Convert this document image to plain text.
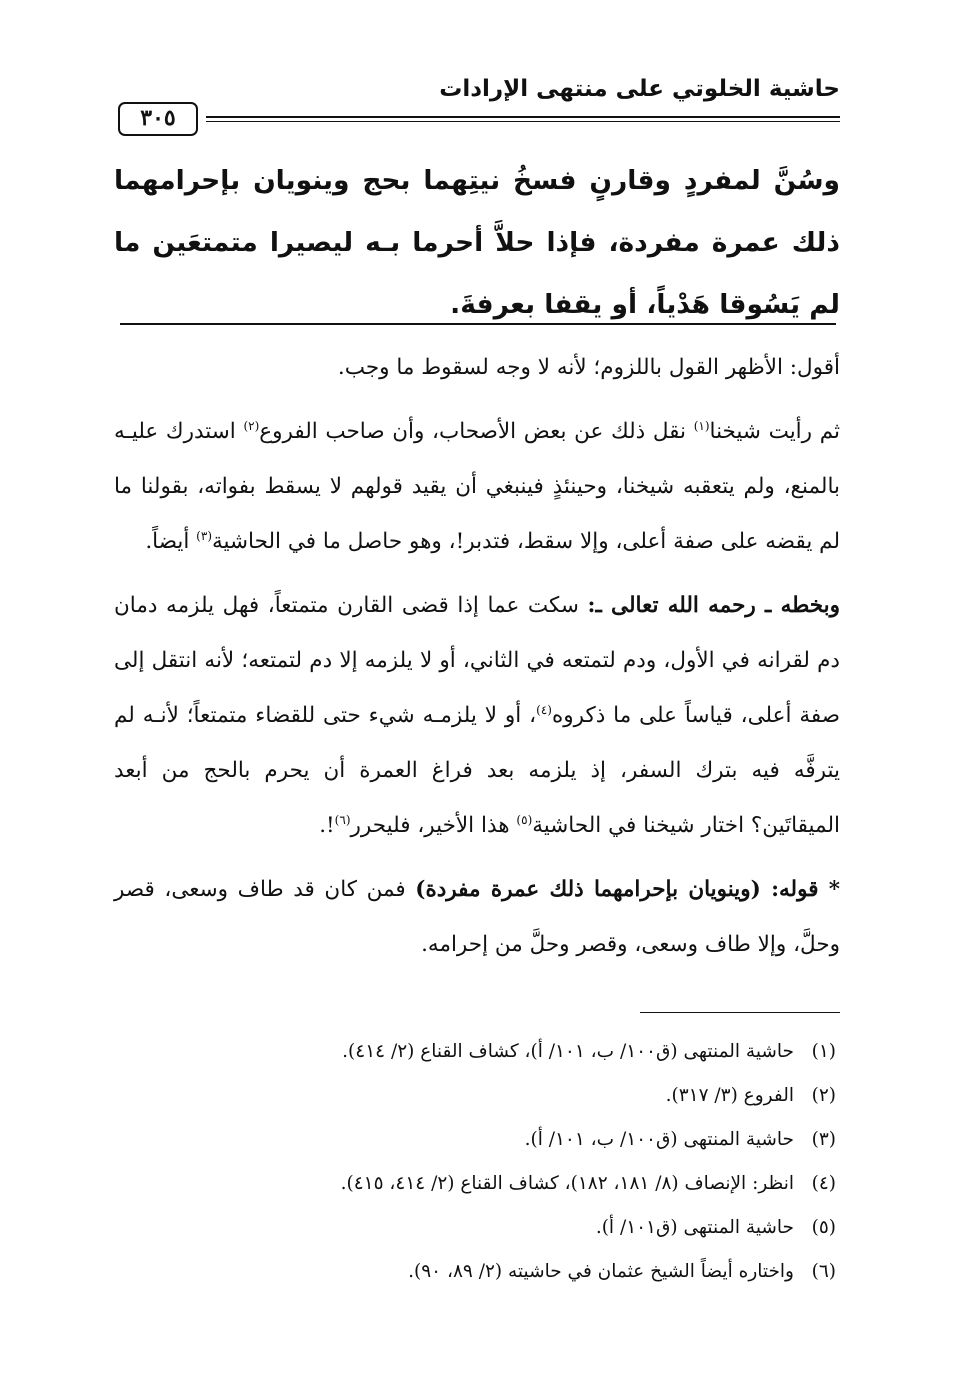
حاشية الخلوتي على منتهى الإرادات
٣٠٥
وسُنَّ لمفردٍ وقارنٍ فسخُ نيتِهما بحج وينويان بإحرامهما ذلك عمرة مفردة، فإذا حلاَّ أحرما بـه ليصيرا متمتعَين ما لم يَسُوقا هَدْياً، أو يقفا بعرفةَ.

أقول: الأظهر القول باللزوم؛ لأنه لا وجه لسقوط ما وجب.

ثم رأيت شيخنا$^{(١)}$ نقل ذلك عن بعض الأصحاب، وأن صاحب الفروع$^{(٢)}$ استدرك عليـه بالمنع، ولم يتعقبه شيخنا، وحينئذٍ فينبغي أن يقيد قولهم لا يسقط بفواته، بقولنا ما لم يقضه على صفة أعلى، وإلا سقط، فتدبر!، وهو حاصل ما في الحاشية$^{(٣)}$ أيضاً.

وبخطه ـ رحمه الله تعالى ـ: سكت عما إذا قضى القارن متمتعاً، فهل يلزمه دمان دم لقرانه في الأول، ودم لتمتعه في الثاني، أو لا يلزمه إلا دم لتمتعه؛ لأنه انتقل إلى صفة أعلى، قياساً على ما ذكروه$^{(٤)}$، أو لا يلزمـه شيء حتى للقضاء متمتعاً؛ لأنـه لم يترفَّه فيه بترك السفر، إذ يلزمه بعد فراغ العمرة أن يحرم بالحج من أبعد الميقاتَين؟ اختار شيخنا في الحاشية$^{(٥)}$ هذا الأخير، فليحرر$^{(٦)}$!.

* قوله: (وينويان بإحرامهما ذلك عمرة مفردة) فمن كان قد طاف وسعى، قصر وحلَّ، وإلا طاف وسعى، وقصر وحلَّ من إحرامه.

(١)حاشية المنتهى (ق١٠٠/ ب، ١٠١/ أ)، كشاف القناع (٢/ ٤١٤).
(٢)الفروع (٣/ ٣١٧).
(٣)حاشية المنتهى (ق١٠٠/ ب، ١٠١/ أ).
(٤)انظر: الإنصاف (٨/ ١٨١، ١٨٢)، كشاف القناع (٢/ ٤١٤، ٤١٥).
(٥)حاشية المنتهى (ق١٠١/ أ).
(٦)واختاره أيضاً الشيخ عثمان في حاشيته (٢/ ٨٩، ٩٠).
